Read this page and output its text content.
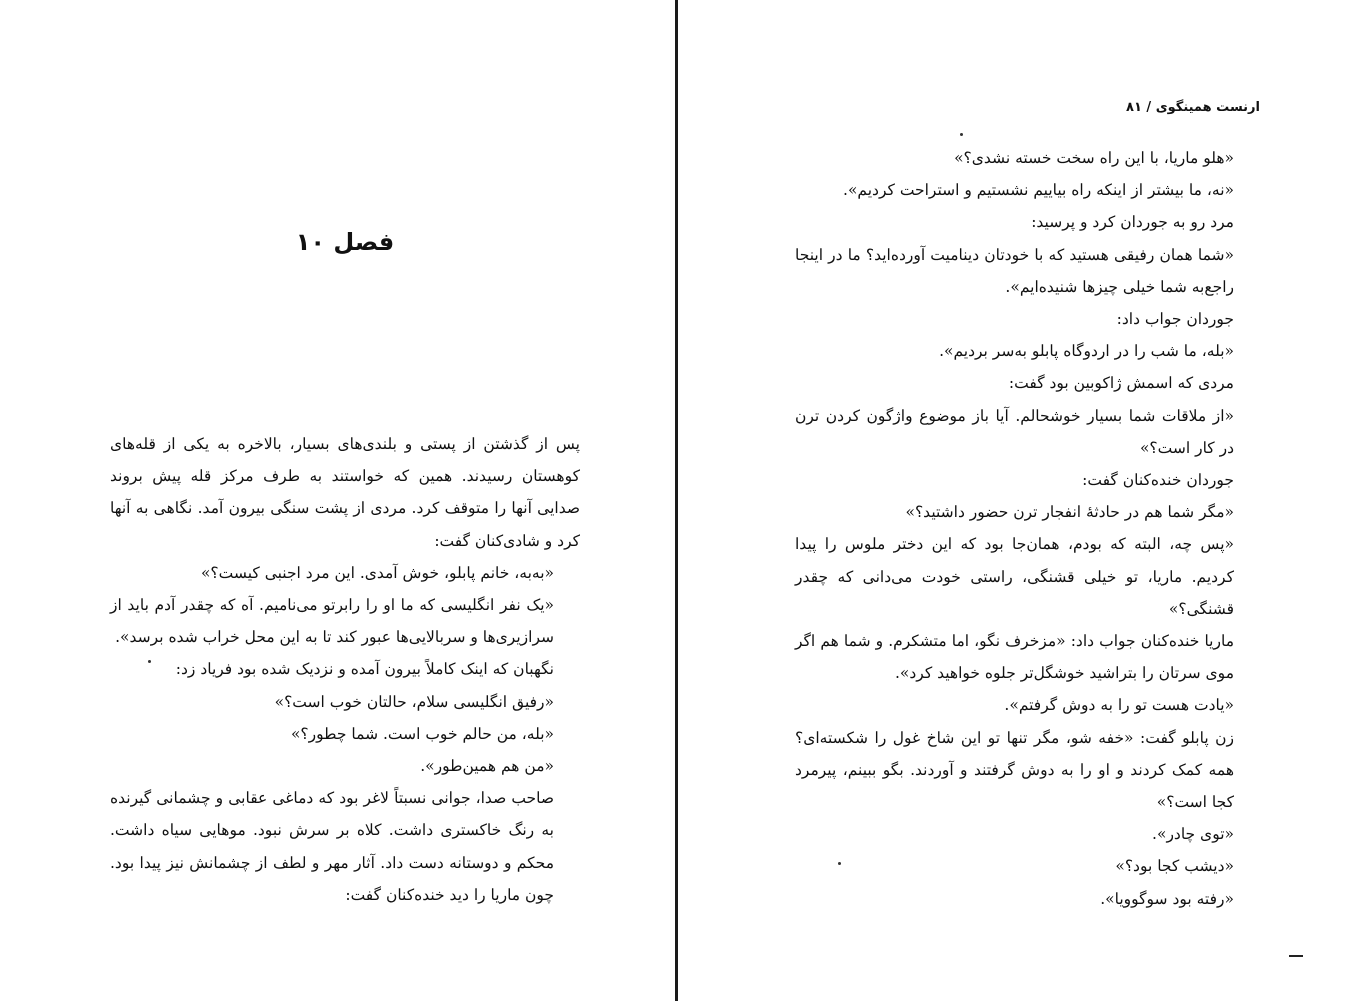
فصل ۱۰

پس از گذشتن از پستی و بلندی‌های بسیار، بالاخره به یکی از قله‌های کوهستان رسیدند. همین که خواستند به طرف مرکز قله پیش بروند صدایی آنها را متوقف کرد. مردی از پشت سنگی بیرون آمد. نگاهی به آنها کرد و شادی‌کنان گفت:

«به‌به، خانم پابلو، خوش آمدی. این مرد اجنبی کیست؟»

«یک نفر انگلیسی که ما او را رابرتو می‌نامیم. آه که چقدر آدم باید از سرازیری‌ها و سربالایی‌ها عبور کند تا به این محل خراب شده برسد».

نگهبان که اینک کاملاً بیرون آمده و نزدیک شده بود فریاد زد:

«رفیق انگلیسی سلام، حالتان خوب است؟»

«بله، من حالم خوب است. شما چطور؟»

«من هم همین‌طور».

صاحب صدا، جوانی نسبتاً لاغر بود که دماغی عقابی و چشمانی گیرنده به رنگ خاکستری داشت. کلاه بر سرش نبود. موهایی سیاه داشت. محکم و دوستانه دست داد. آثار مهر و لطف از چشمانش نیز پیدا بود. چون ماریا را دید خنده‌کنان گفت:

ارنست همینگوی / ۸۱

«هلو ماریا، با این راه سخت خسته نشدی؟»

«نه، ما بیشتر از اینکه راه بیاییم نشستیم و استراحت کردیم».

مرد رو به جوردان کرد و پرسید:

«شما همان رفیقی هستید که با خودتان دینامیت آورده‌اید؟ ما در اینجا راجع‌به شما خیلی چیزها شنیده‌ایم».

جوردان جواب داد:

«بله، ما شب را در اردوگاه پابلو به‌سر بردیم».

مردی که اسمش ژاکوبین بود گفت:

«از ملاقات شما بسیار خوشحالم. آیا باز موضوع واژگون کردن ترن در کار است؟»

جوردان خنده‌کنان گفت:

«مگر شما هم در حادثهٔ انفجار ترن حضور داشتید؟»

«پس چه، البته که بودم، همان‌جا بود که این دختر ملوس را پیدا کردیم. ماریا، تو خیلی قشنگی، راستی خودت می‌دانی که چقدر قشنگی؟»

ماریا خنده‌کنان جواب داد: «مزخرف نگو، اما متشکرم. و شما هم اگر موی سرتان را بتراشید خوشگل‌تر جلوه خواهید کرد».

«یادت هست تو را به دوش گرفتم».

زن پابلو گفت: «خفه شو، مگر تنها تو این شاخ غول را شکسته‌ای؟ همه کمک کردند و او را به دوش گرفتند و آوردند. بگو ببینم، پیرمرد کجا است؟»

«توی چادر».

«دیشب کجا بود؟»

«رفته بود سوگوویا».
